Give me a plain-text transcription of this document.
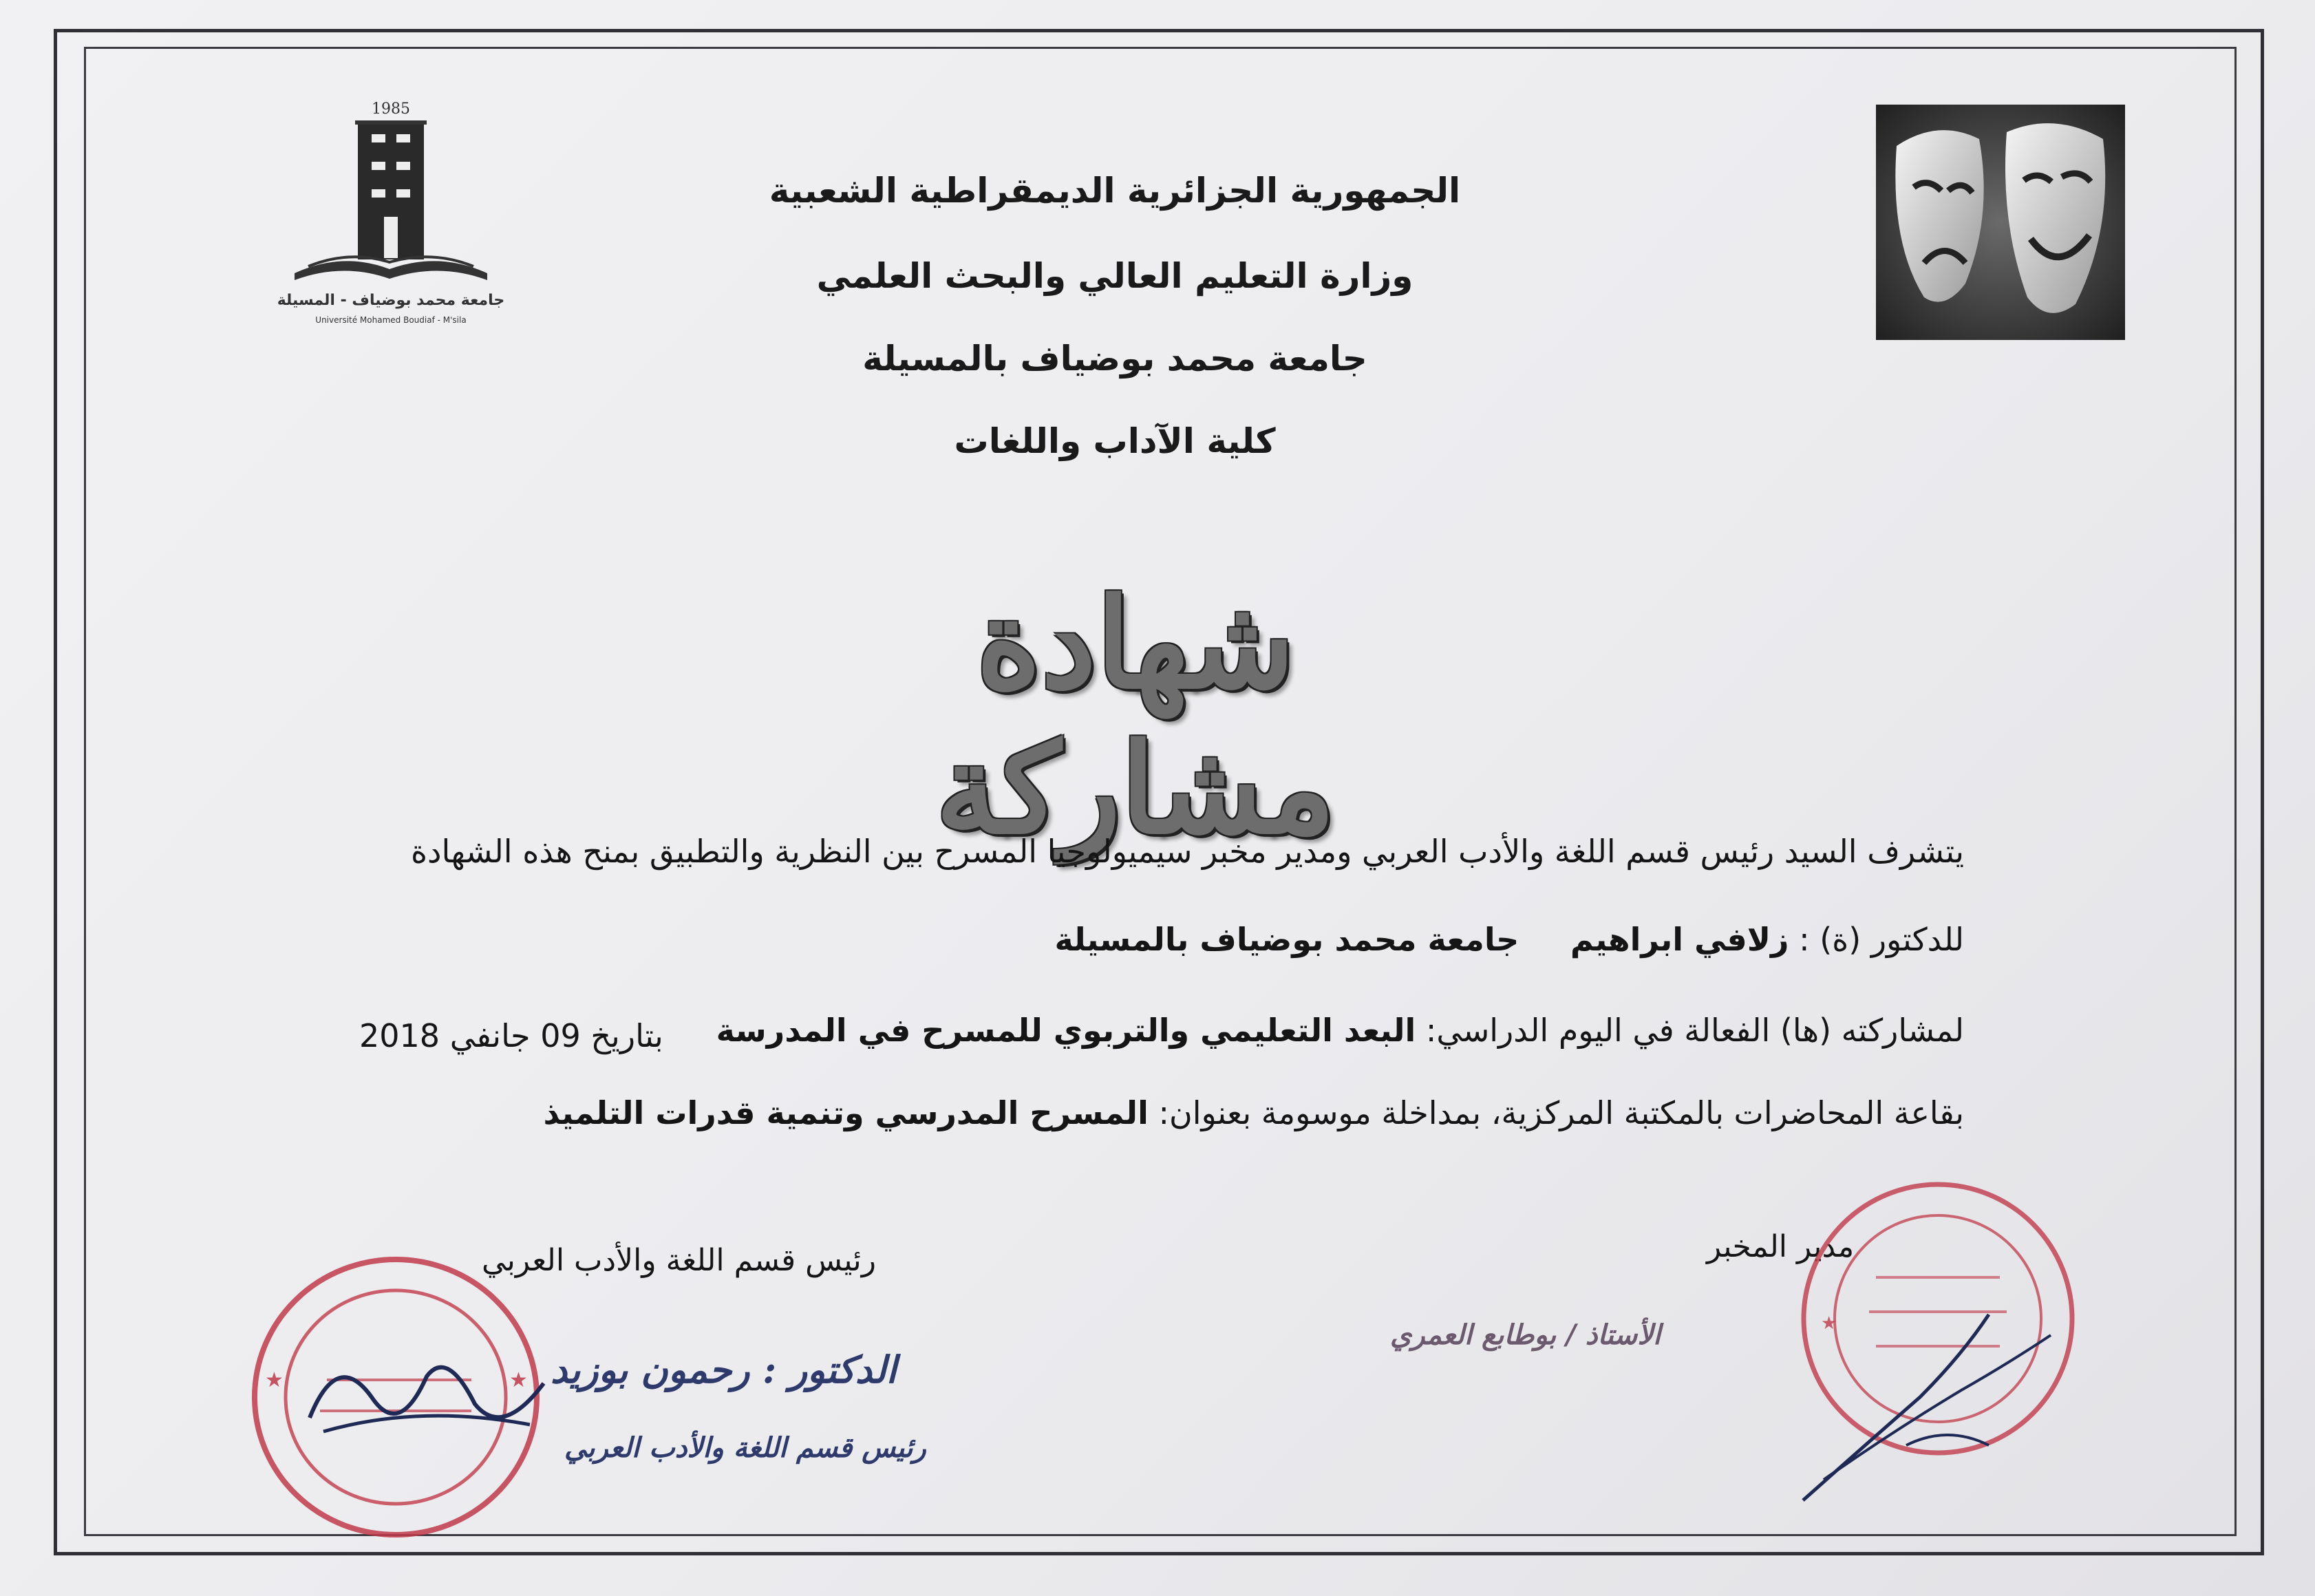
1985
جامعة محمد بوضياف - المسيلة
Université Mohamed Boudiaf - M'sila
الجمهورية الجزائرية الديمقراطية الشعبية
وزارة التعليم العالي والبحث العلمي
جامعة محمد بوضياف بالمسيلة
كلية الآداب واللغات
شهادة مشاركة
يتشرف السيد رئيس قسم اللغة والأدب العربي ومدير مخبر سيميولوجيا المسرح بين النظرية والتطبيق بمنح هذه الشهادة
للدكتور (ة) : زلافي ابراهيم جامعة محمد بوضياف بالمسيلة
لمشاركته (ها) الفعالة في اليوم الدراسي: البعد التعليمي والتربوي للمسرح في المدرسة
بتاريخ 09 جانفي 2018
بقاعة المحاضرات بالمكتبة المركزية، بمداخلة موسومة بعنوان: المسرح المدرسي وتنمية قدرات التلميذ
رئيس قسم اللغة والأدب العربي	مدير المخبر
★	★ الدكتور : رحمون بوزيد
رئيس قسم اللغة والأدب العربي
الأستاذ / بوطابع العمري	★
